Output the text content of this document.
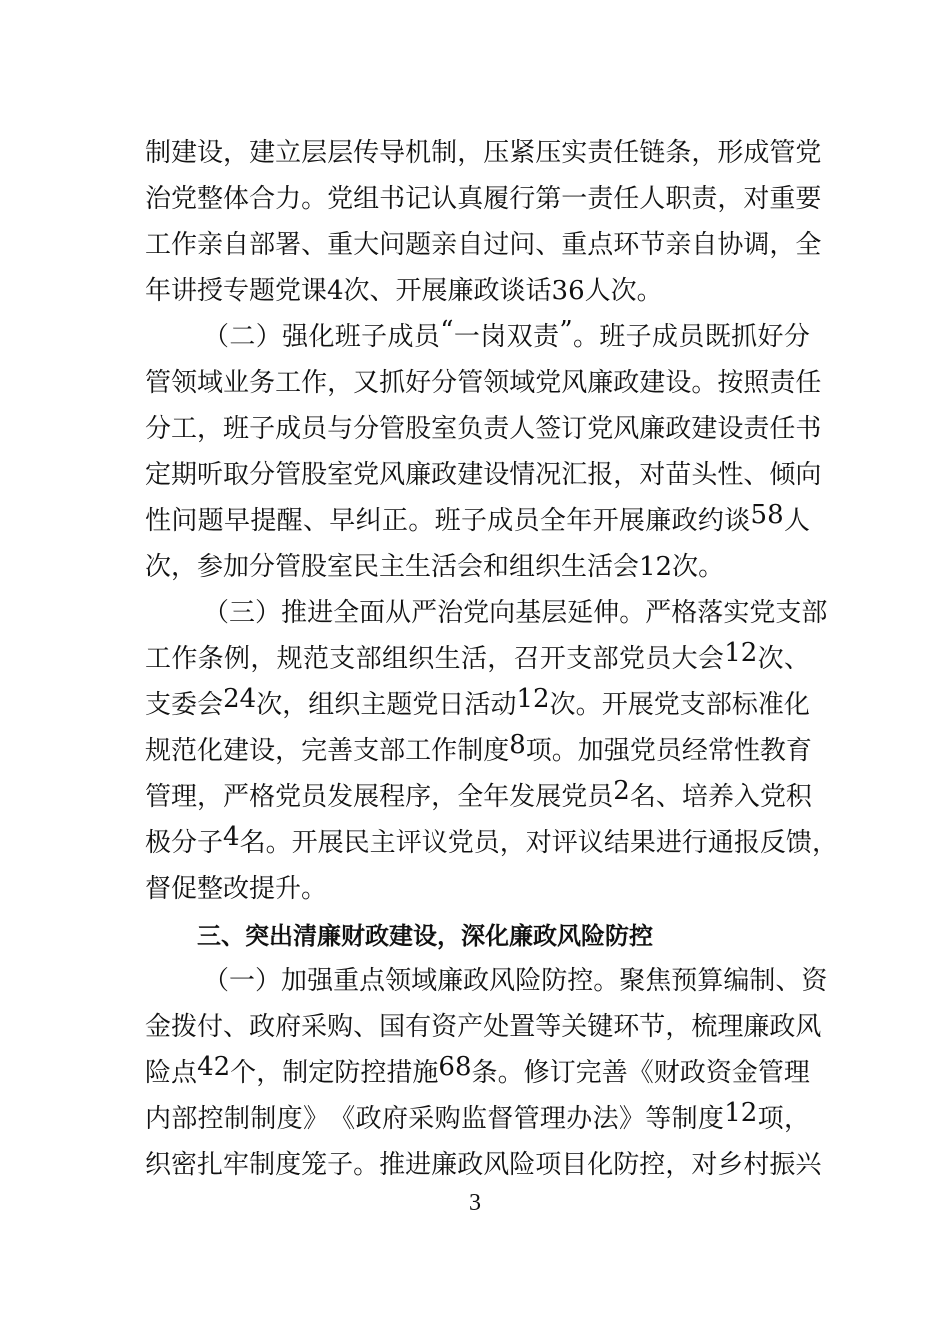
制 建 设 ， 建 立 层 层 传 导 机 制 ， 压 紧 压 实 责 任 链 条 ， 形 成 管 党
治 党 整 体 合 力 。 党 组 书 记 认 真 履 行 第 一 责 任 人 职 责 ， 对 重 要
工 作 亲 自 部 署 、 重 大 问 题 亲 自 过 问 、 重 点 环 节 亲 自 协 调 ， 全
年讲授专题党课4次、开展廉政谈话36人次。
（ 二 ） 强 化 班 子 成 员 “ 一 岗 双 责 ” 。 班 子 成 员 既 抓 好 分
管 领 域 业 务 工 作 ， 又 抓 好 分 管 领 域 党 风 廉 政 建 设 。 按 照 责 任
分 工 ， 班 子 成 员 与 分 管 股 室 负 责 人 签 订 党 风 廉 政 建 设 责 任 书
定 期 听 取 分 管 股 室 党 风 廉 政 建 设 情 况 汇 报 ， 对 苗 头 性 、 倾 向
性 问 题 早 提 醒 、 早 纠 正 。 班 子 成 员 全 年 开 展 廉 政 约 谈 58 人
次，参加分管股室民主生活会和组织生活会12次。
（ 三 ） 推 进 全 面 从 严 治 党 向 基 层 延 伸 。 严 格 落 实 党 支 部
工 作 条 例 ， 规 范 支 部 组 织 生 活 ， 召 开 支 部 党 员 大 会 12 次 、
支 委 会 24 次 ， 组 织 主 题 党 日 活 动 12 次 。 开 展 党 支 部 标 准 化
规 范 化 建 设 ， 完 善 支 部 工 作 制 度 8 项 。 加 强 党 员 经 常 性 教 育
管 理 ， 严 格 党 员 发 展 程 序 ， 全 年 发 展 党 员 2 名 、 培 养 入 党 积
极 分 子 4 名 。 开 展 民 主 评 议 党 员 ， 对 评 议 结 果 进 行 通 报 反 馈 ，
督促整改提升。
三、突出清廉财政建设，深化廉政风险防控
（ 一 ） 加 强 重 点 领 域 廉 政 风 险 防 控 。 聚 焦 预 算 编 制 、 资
金 拨 付 、 政 府 采 购 、 国 有 资 产 处 置 等 关 键 环 节 ， 梳 理 廉 政 风
险 点 42 个 ， 制 定 防 控 措 施 68 条 。 修 订 完 善 《 财 政 资 金 管 理
内 部 控 制 制 度 》 《 政 府 采 购 监 督 管 理 办 法 》 等 制 度 12 项 ，
织 密 扎 牢 制 度 笼 子 。 推 进 廉 政 风 险 项 目 化 防 控 ， 对 乡 村 振 兴
3
